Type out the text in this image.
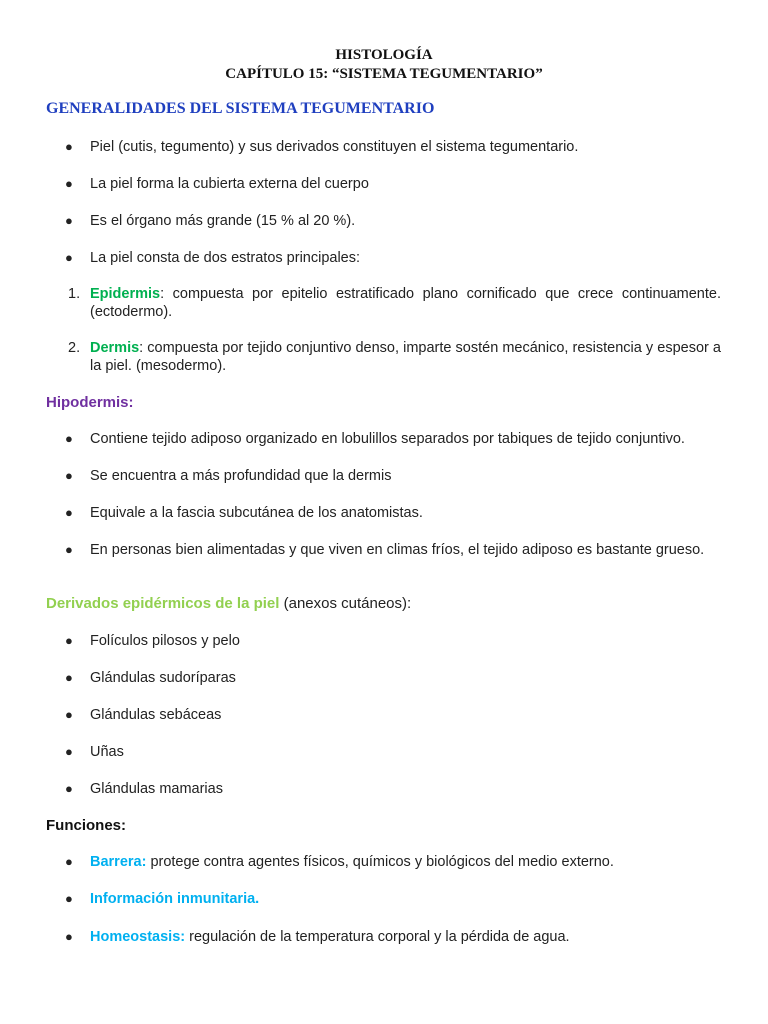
HISTOLOGÍA
CAPÍTULO 15: “SISTEMA TEGUMENTARIO”
GENERALIDADES DEL SISTEMA TEGUMENTARIO
● Piel (cutis, tegumento) y sus derivados constituyen el sistema tegumentario.
● La piel forma la cubierta externa del cuerpo
● Es el órgano más grande (15 % al 20 %).
● La piel consta de dos estratos principales:
1. Epidermis: compuesta por epitelio estratificado plano cornificado que crece continuamente. (ectodermo).
2. Dermis: compuesta por tejido conjuntivo denso, imparte sostén mecánico, resistencia y espesor a la piel. (mesodermo).
Hipodermis:
● Contiene tejido adiposo organizado en lobulillos separados por tabiques de tejido conjuntivo.
● Se encuentra a más profundidad que la dermis
● Equivale a la fascia subcutánea de los anatomistas.
● En personas bien alimentadas y que viven en climas fríos, el tejido adiposo es bastante grueso.
Derivados epidérmicos de la piel (anexos cutáneos):
● Folículos pilosos y pelo
● Glándulas sudoríparas
● Glándulas sebáceas
● Uñas
● Glándulas mamarias
Funciones:
● Barrera: protege contra agentes físicos, químicos y biológicos del medio externo.
● Información inmunitaria.
● Homeostasis: regulación de la temperatura corporal y la pérdida de agua.
